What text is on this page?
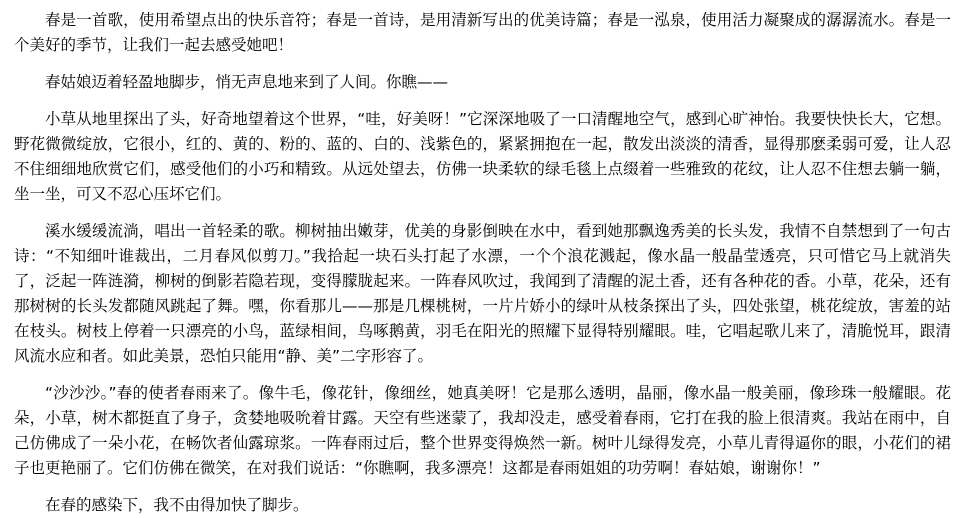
春是一首歌，使用希望点出的快乐音符；春是一首诗，是用清新写出的优美诗篇；春是一泓泉，使用活力凝聚成的潺潺流水。春是一个美好的季节，让我们一起去感受她吧！

春姑娘迈着轻盈地脚步，悄无声息地来到了人间。你瞧——

小草从地里探出了头，好奇地望着这个世界，“哇，好美呀！”它深深地吸了一口清醒地空气，感到心旷神怡。我要快快长大，它想。野花微微绽放，它很小，红的、黄的、粉的、蓝的、白的、浅紫色的，紧紧拥抱在一起，散发出淡淡的清香，显得那麽柔弱可爱，让人忍不住细细地欣赏它们，感受他们的小巧和精致。从远处望去，仿佛一块柔软的绿毛毯上点缀着一些雅致的花纹，让人忍不住想去躺一躺，坐一坐，可又不忍心压坏它们。

溪水缓缓流淌，唱出一首轻柔的歌。柳树抽出嫩芽，优美的身影倒映在水中，看到她那飘逸秀美的长头发，我情不自禁想到了一句古诗：“不知细叶谁裁出，二月春风似剪刀。”我拾起一块石头打起了水漂，一个个浪花溅起，像水晶一般晶莹透亮，只可惜它马上就消失了，泛起一阵涟漪，柳树的倒影若隐若现，变得朦胧起来。一阵春风吹过，我闻到了清醒的泥土香，还有各种花的香。小草，花朵，还有那树树的长头发都随风跳起了舞。嘿，你看那儿——那是几棵桃树，一片片娇小的绿叶从枝条探出了头，四处张望，桃花绽放，害羞的站在枝头。树枝上停着一只漂亮的小鸟，蓝绿相间，鸟啄鹅黄，羽毛在阳光的照耀下显得特别耀眼。哇，它唱起歌儿来了，清脆悦耳，跟清风流水应和者。如此美景，恐怕只能用“静、美”二字形容了。

“沙沙沙。”春的使者春雨来了。像牛毛，像花针，像细丝，她真美呀！它是那么透明，晶丽，像水晶一般美丽，像珍珠一般耀眼。花朵，小草，树木都挺直了身子，贪婪地吸吮着甘露。天空有些迷蒙了，我却没走，感受着春雨，它打在我的脸上很清爽。我站在雨中，自己仿佛成了一朵小花，在畅饮者仙露琼浆。一阵春雨过后，整个世界变得焕然一新。树叶儿绿得发亮，小草儿青得逼你的眼，小花们的裙子也更艳丽了。它们仿佛在微笑，在对我们说话：“你瞧啊，我多漂亮！这都是春雨姐姐的功劳啊！春姑娘，谢谢你！”

在春的感染下，我不由得加快了脚步。
